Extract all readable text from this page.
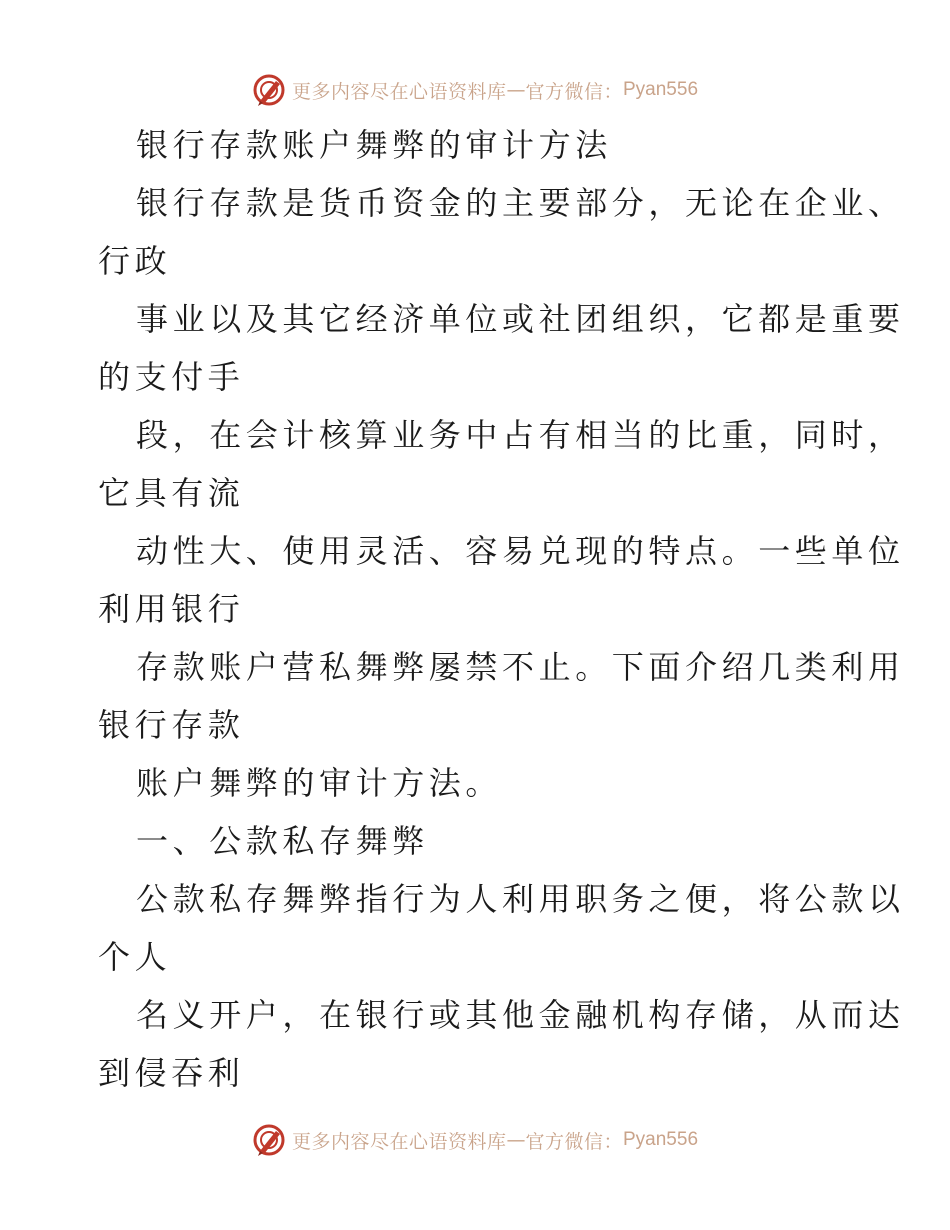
更多内容尽在心语资料库 — 官方微信： Pyan556
银行存款账户舞弊的审计方法
银行存款是货币资金的主要部分，无论在企业、
行政
事业以及其它经济单位或社团组织，它都是重要
的支付手
段，在会计核算业务中占有相当的比重，同时，
它具有流
动性大、使用灵活、容易兑现的特点。一些单位
利用银行
存款账户营私舞弊屡禁不止。下面介绍几类利用
银行存款
账户舞弊的审计方法。
一、公款私存舞弊
公款私存舞弊指行为人利用职务之便，将公款以
个人
名义开户，在银行或其他金融机构存储，从而达
到侵吞利
更多内容尽在心语资料库 — 官方微信： Pyan556
